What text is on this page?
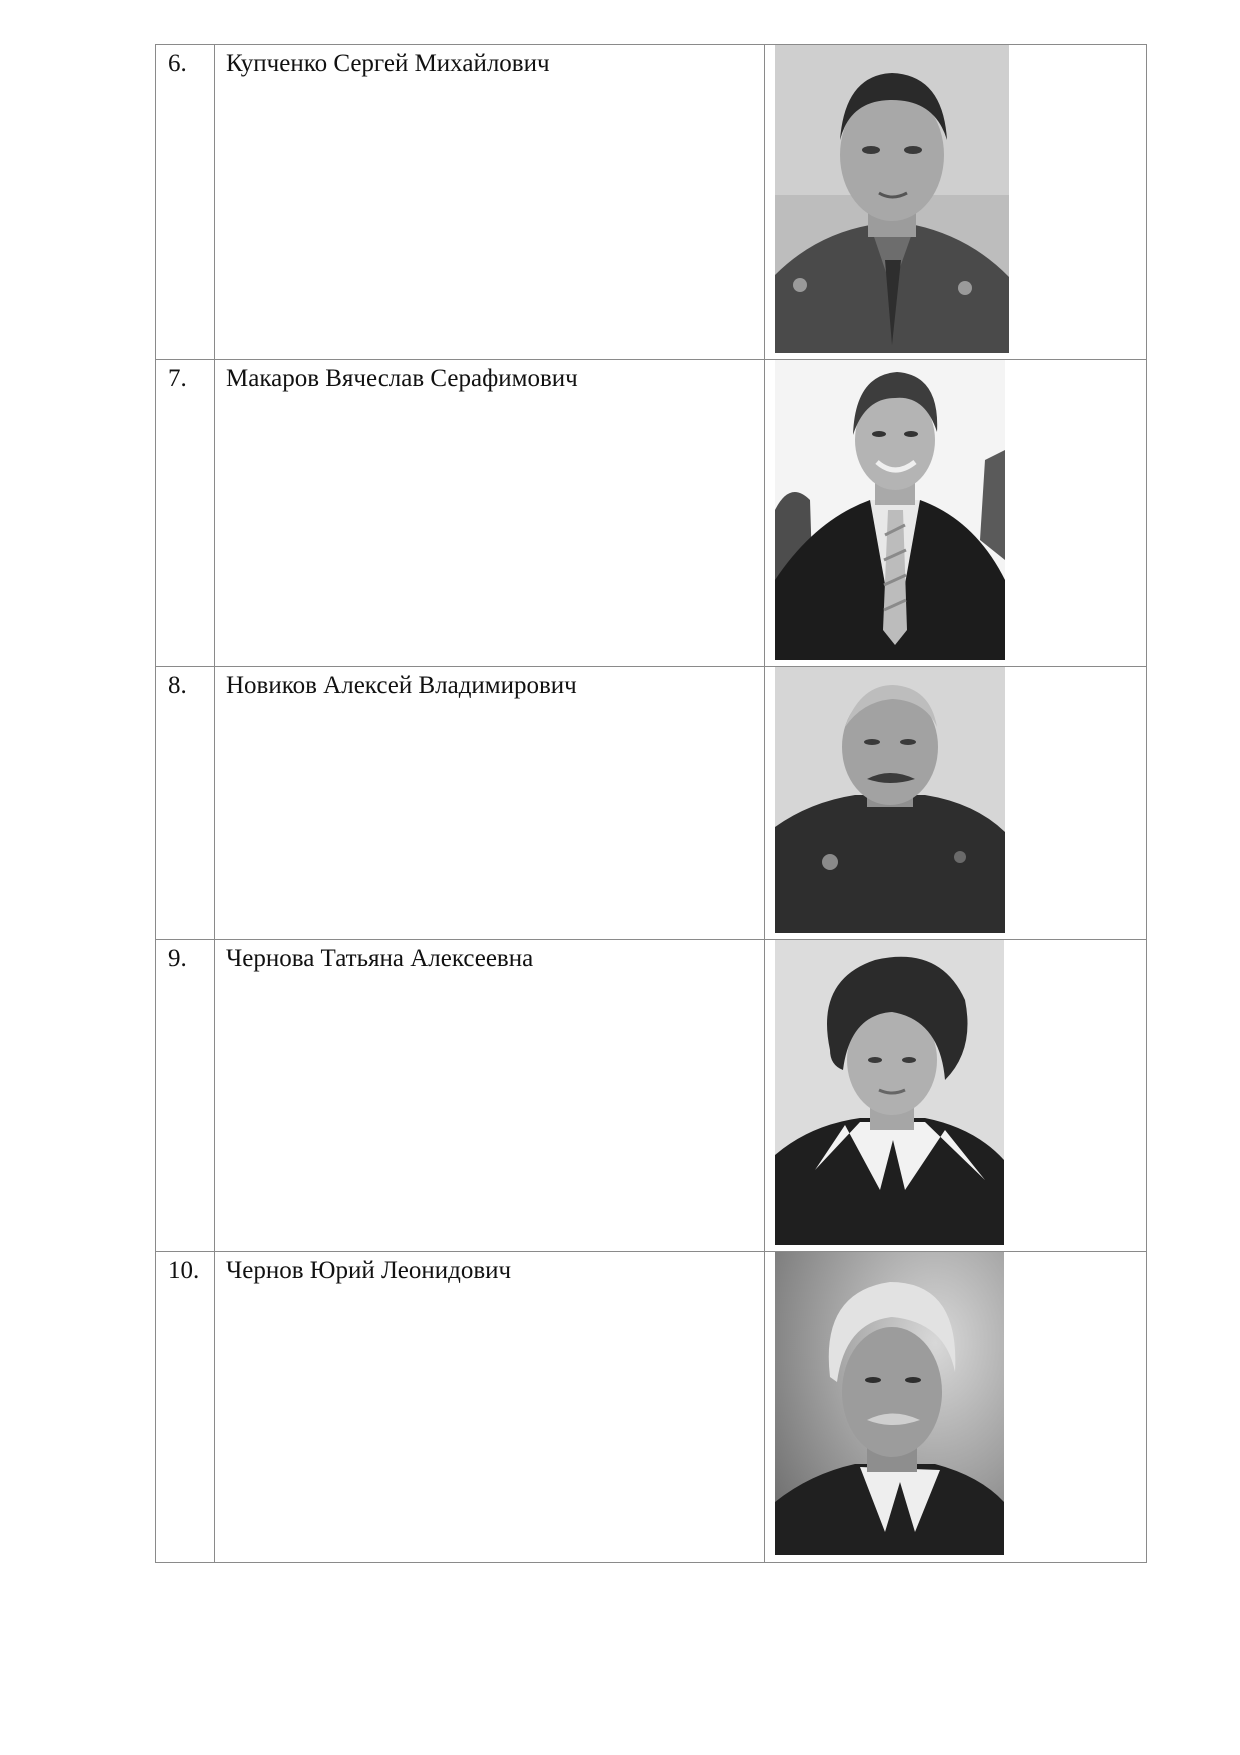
6.	Купченко Сергей Михайлович

7.	Макаров Вячеслав Серафимович

8.	Новиков Алексей Владимирович

9.	Чернова Татьяна Алексеевна

10.	Чернов Юрий Леонидович
